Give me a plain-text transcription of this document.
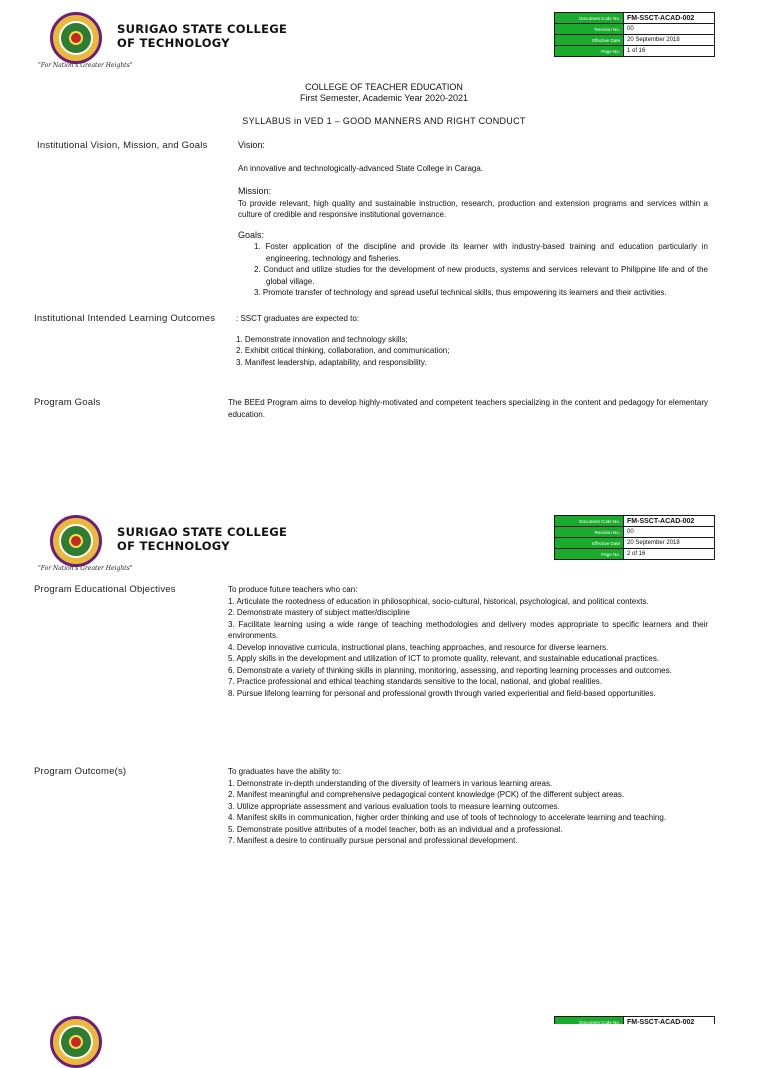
"For Nation's Greater Heights"
SURIGAO STATE COLLEGE
OF TECHNOLOGY
Document Code No.	FM-SSCT-ACAD-002
Revision No.	00
Effective Date	20 September 2018
Page No.	1 of 16
COLLEGE OF TEACHER EDUCATION
First Semester, Academic Year 2020-2021
SYLLABUS in VED 1 – GOOD MANNERS AND RIGHT CONDUCT
Institutional Vision, Mission, and Goals	Vision:

An innovative and technologically-advanced State College in Caraga.

Mission:

To provide relevant, high quality and sustainable instruction, research, production and extension programs and services within a culture of credible and responsive institutional governance.

Goals:

1. Foster application of the discipline and provide its learner with industry-based training and education particularly in engineering, technology and fisheries.
2. Conduct and utilize studies for the development of new products, systems and services relevant to Philippine life and of the global village.
3. Promote transfer of technology and spread useful technical skills, thus empowering its learners and their activities.
Institutional Intended Learning Outcomes	: SSCT graduates are expected to:

1. Demonstrate innovation and technology skills;
2. Exhibit critical thinking, collaboration, and communication;
3. Manifest leadership, adaptability, and responsibility.
Program Goals	The BEEd Program aims to develop highly-motivated and competent teachers specializing in the content and pedagogy for elementary education.
"For Nation's Greater Heights"
SURIGAO STATE COLLEGE
OF TECHNOLOGY
Document Code No.	FM-SSCT-ACAD-002
Revision No.	00
Effective Date	20 September 2018
Page No.	2 of 16
Program Educational Objectives	To produce future teachers who can:

1. Articulate the rootedness of education in philosophical, socio-cultural, historical, psychological, and political contexts.
2. Demonstrate mastery of subject matter/discipline
3. Facilitate learning using a wide range of teaching methodologies and delivery modes appropriate to specific learners and their environments.
4. Develop innovative curricula, instructional plans, teaching approaches, and resource for diverse learners.
5. Apply skills in the development and utilization of ICT to promote quality, relevant, and sustainable educational practices.
6. Demonstrate a variety of thinking skills in planning, monitoring, assessing, and reporting learning processes and outcomes.
7. Practice professional and ethical teaching standards sensitive to the local, national, and global realities.
8. Pursue lifelong learning for personal and professional growth through varied experiential and field-based opportunities.
Program Outcome(s)	To graduates have the ability to:

1. Demonstrate in-depth understanding of the diversity of learners in various learning areas.
2. Manifest meaningful and comprehensive pedagogical content knowledge (PCK) of the different subject areas.
3. Utilize appropriate assessment and various evaluation tools to measure learning outcomes.
4. Manifest skills in communication, higher order thinking and use of tools of technology to accelerate learning and teaching.
5. Demonstrate positive attributes of a model teacher, both as an individual and a professional.
7. Manifest a desire to continually pursue personal and professional development.
Document Code No.	FM-SSCT-ACAD-002
